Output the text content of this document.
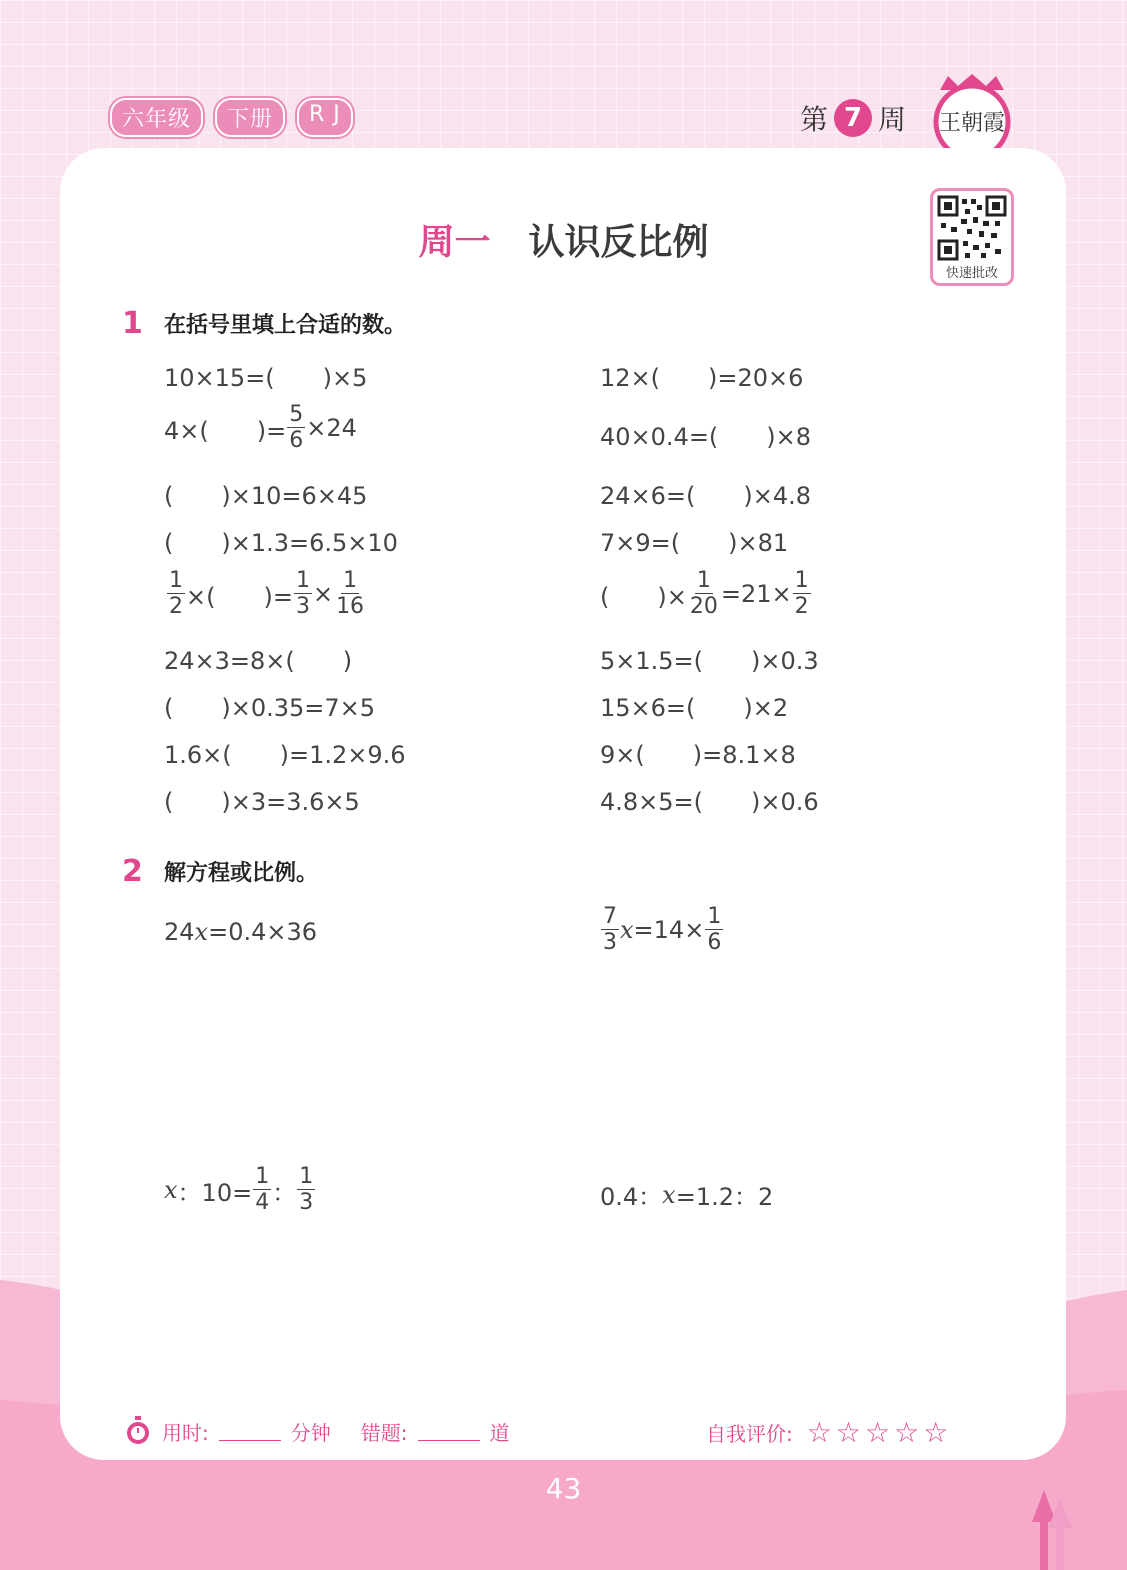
六年级	下册	R J	第 7 周 王朝霞
周一 认识反比例
快速批改
1 在括号里填上合适的数。
10×15=(　　)×5
4×(　　)= $\frac{5}{6} \times 24$
(　　)×10=6×45
(　　)×1.3=6.5×10
$\frac{1}{2}$ ×(　　)= $\frac{1}{3} \times \frac{1}{16}$
24×3=8×(　　)
(　　)×0.35=7×5
1.6×(　　)=1.2×9.6
(　　)×3=3.6×5
12×(　　)=20×6
40×0.4=(　　)×8
24×6=(　　)×4.8
7×9=(　　)×81
(　　)× $\frac{1}{20} =21\times \frac{1}{2}$
5×1.5=(　　)×0.3
15×6=(　　)×2
9×(　　)=8.1×8
4.8×5=(　　)×0.6
2 解方程或比例。
24 x =0.4×36	$\frac{7}{3}$ $x =14\times \frac{1}{6}$
x ：$10= \frac{1}{4}$ ： $\frac{1}{3}$	0.4： x =1.2：2
用时:	分钟 错题:	道	自我评价: ☆☆☆☆☆
43
